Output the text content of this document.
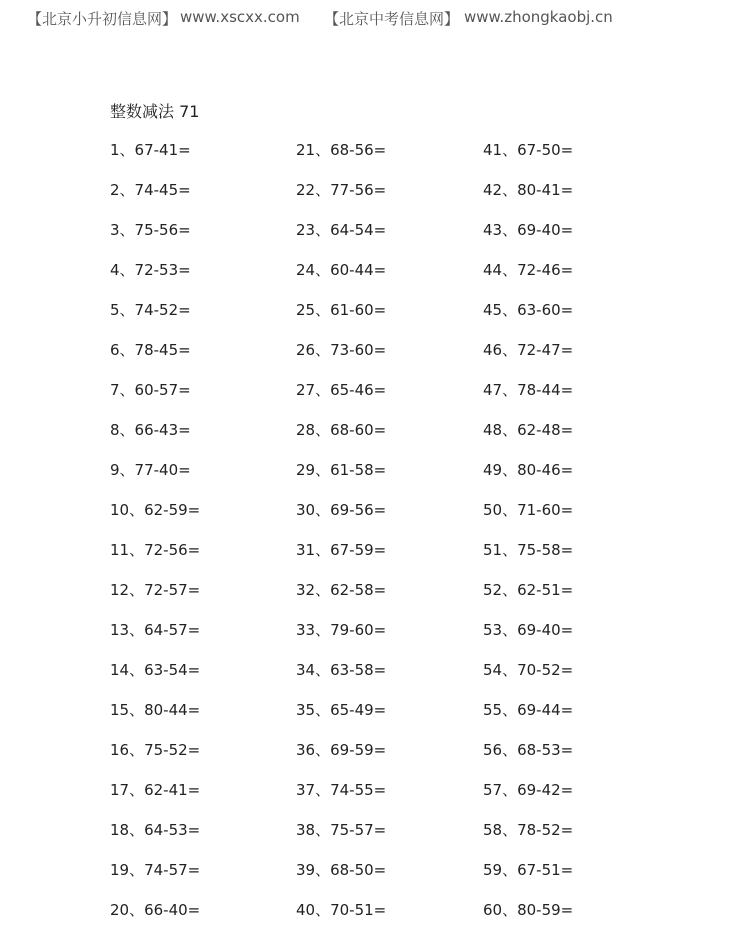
【北京小升初信息网】 www.xscxx.com 【北京中考信息网】 www.zhongkaobj.cn
整数减法 71
1、67-41=
2、74-45=
3、75-56=
4、72-53=
5、74-52=
6、78-45=
7、60-57=
8、66-43=
9、77-40=
10、62-59=
11、72-56=
12、72-57=
13、64-57=
14、63-54=
15、80-44=
16、75-52=
17、62-41=
18、64-53=
19、74-57=
20、66-40=
21、68-56=
22、77-56=
23、64-54=
24、60-44=
25、61-60=
26、73-60=
27、65-46=
28、68-60=
29、61-58=
30、69-56=
31、67-59=
32、62-58=
33、79-60=
34、63-58=
35、65-49=
36、69-59=
37、74-55=
38、75-57=
39、68-50=
40、70-51=
41、67-50=
42、80-41=
43、69-40=
44、72-46=
45、63-60=
46、72-47=
47、78-44=
48、62-48=
49、80-46=
50、71-60=
51、75-58=
52、62-51=
53、69-40=
54、70-52=
55、69-44=
56、68-53=
57、69-42=
58、78-52=
59、67-51=
60、80-59=
